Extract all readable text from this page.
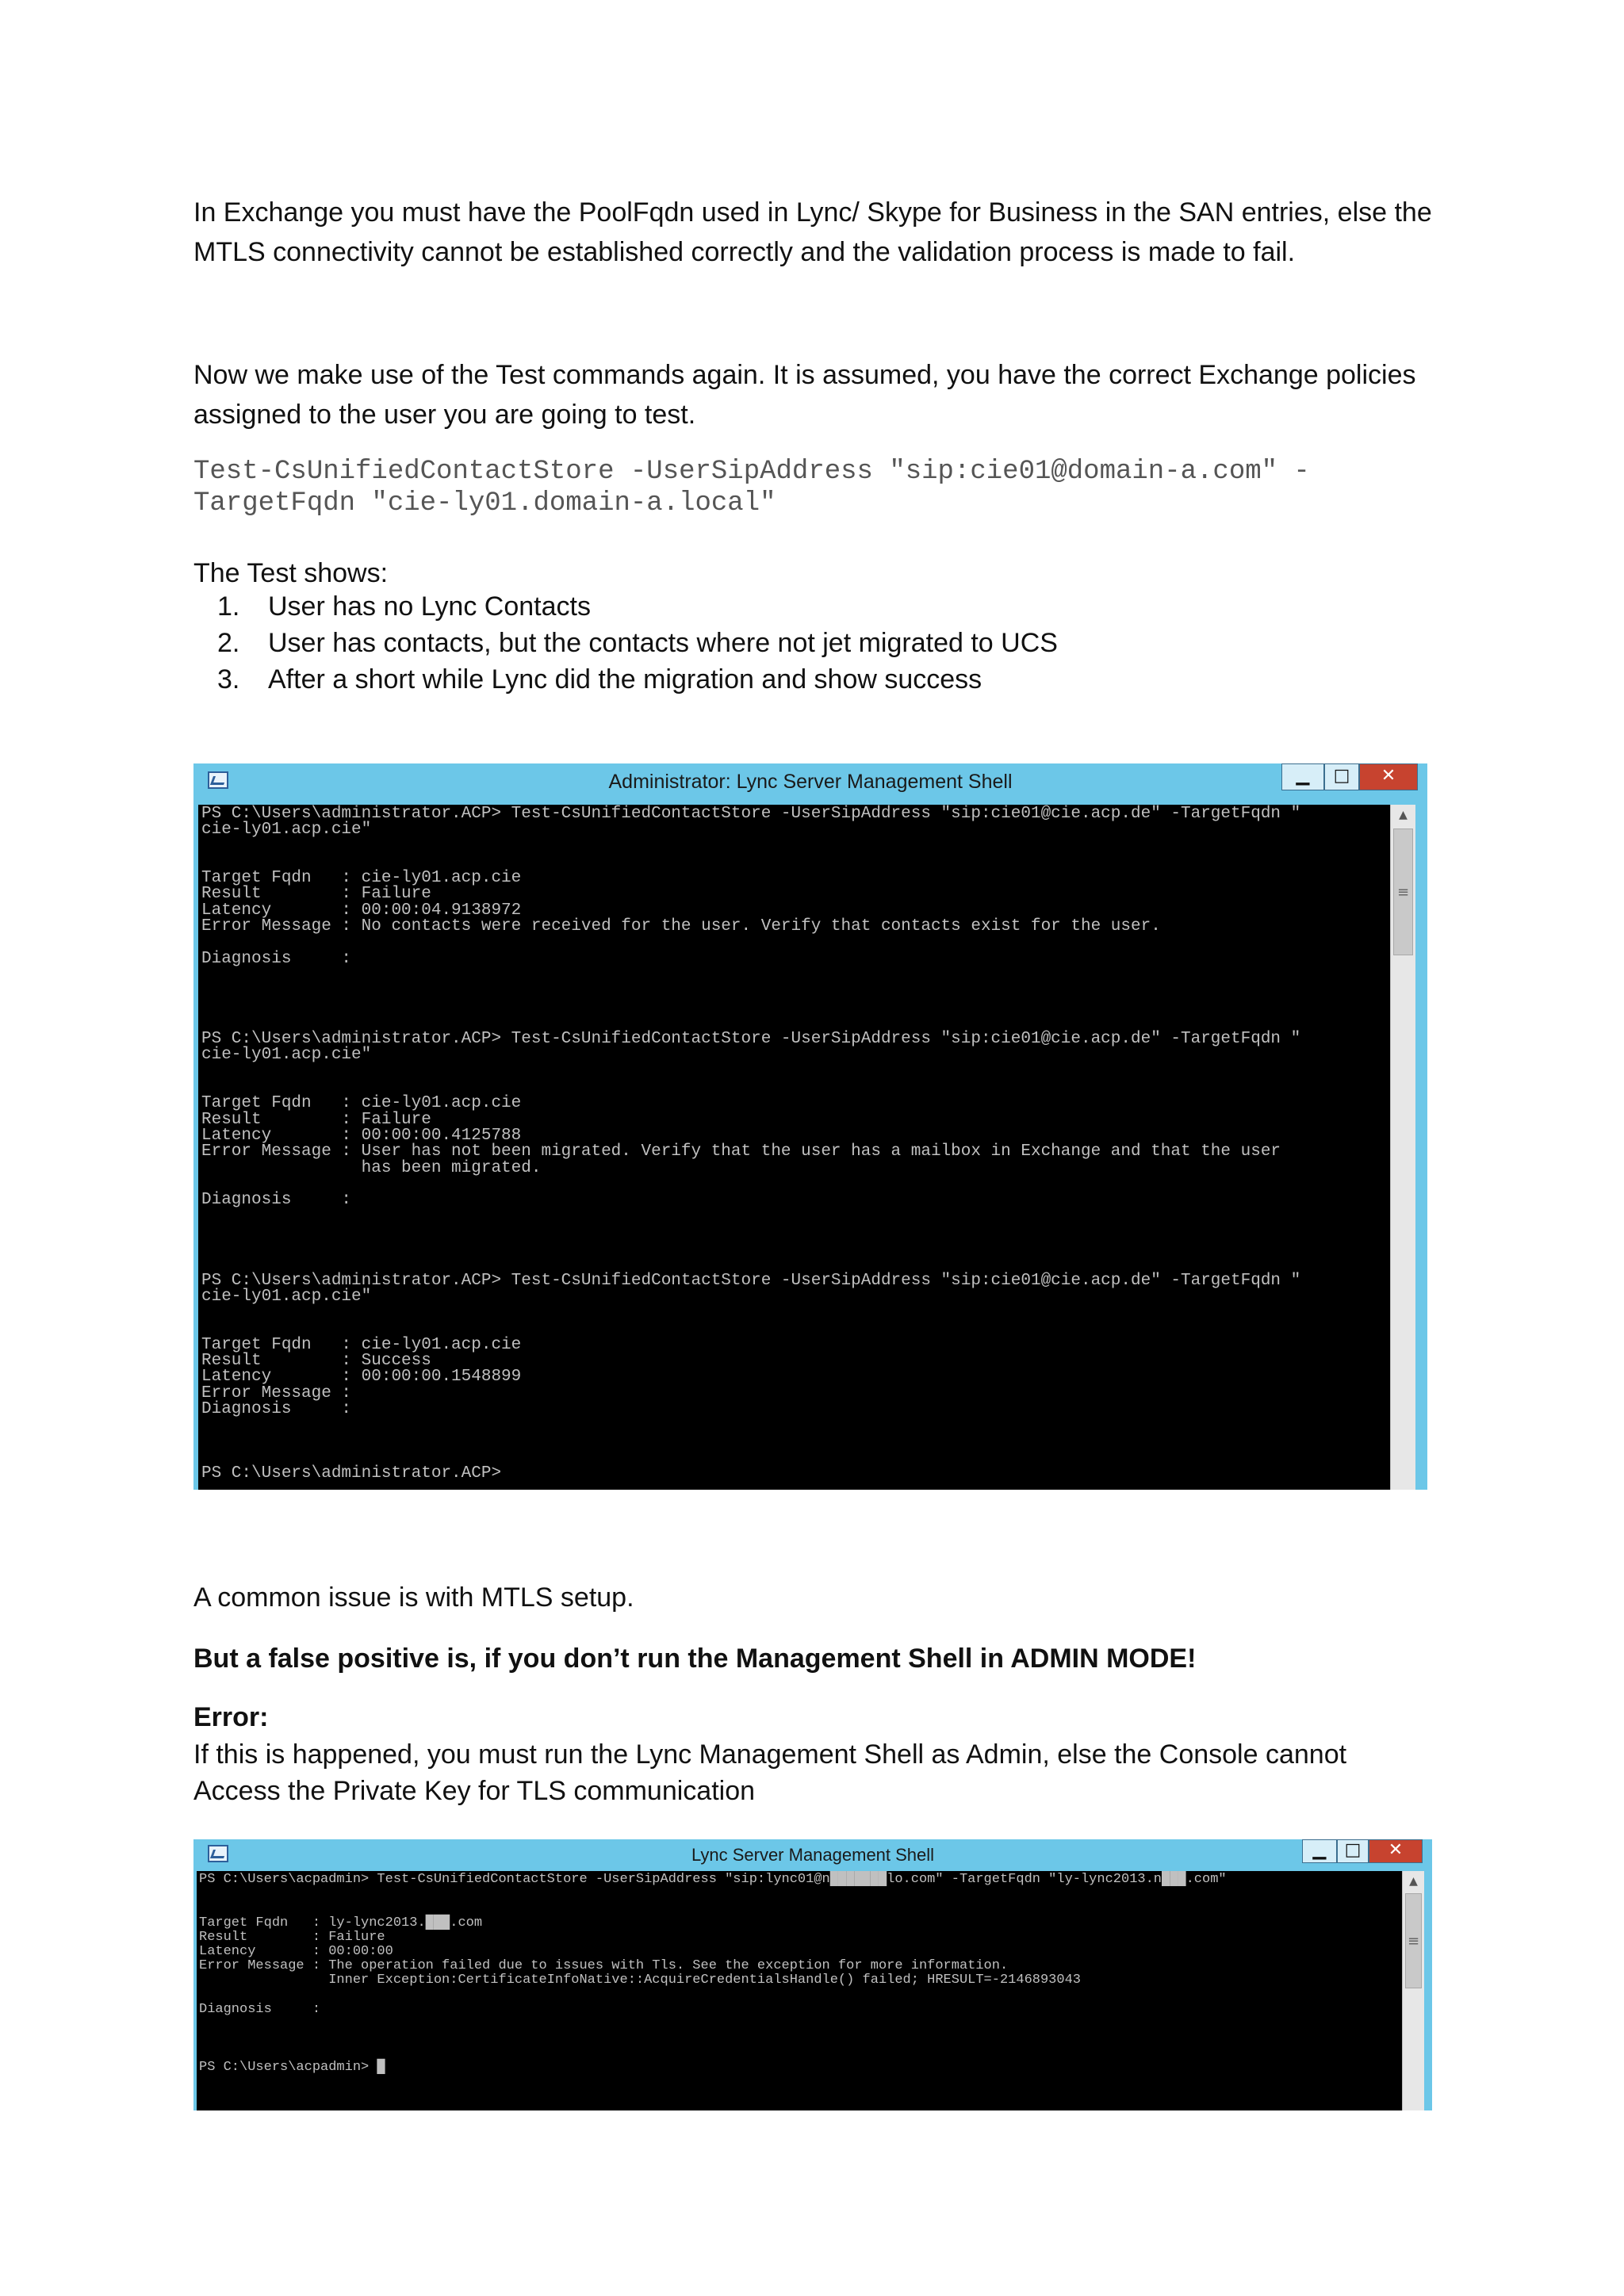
In Exchange you must have the PoolFqdn used in Lync/ Skype for Business in the SAN entries, else the MTLS connectivity cannot be established correctly and the validation process is made to fail.

Now we make use of the Test commands again. It is assumed, you have the correct Exchange policies assigned to the user you are going to test.

Test-CsUnifiedContactStore -UserSipAddress "sip:cie01@domain-a.com" -
TargetFqdn "cie-ly01.domain-a.local"

The Test shows:

1. User has no Lync Contacts
2. User has contacts, but the contacts where not jet migrated to UCS
3. After a short while Lync did the migration and show success
Administrator: Lync Server Management Shell	▁	□	✕
PS C:\Users\administrator.ACP> Test-CsUnifiedContactStore -UserSipAddress "sip:cie01@cie.acp.de" -TargetFqdn "
cie-ly01.acp.cie"

Target Fqdn   : cie-ly01.acp.cie
Result        : Failure
Latency       : 00:00:04.9138972
Error Message : No contacts were received for the user. Verify that contacts exist for the user.

Diagnosis     :

PS C:\Users\administrator.ACP> Test-CsUnifiedContactStore -UserSipAddress "sip:cie01@cie.acp.de" -TargetFqdn "
cie-ly01.acp.cie"

Target Fqdn   : cie-ly01.acp.cie
Result        : Failure
Latency       : 00:00:00.4125788
Error Message : User has not been migrated. Verify that the user has a mailbox in Exchange and that the user
has been migrated.

Diagnosis     :

PS C:\Users\administrator.ACP> Test-CsUnifiedContactStore -UserSipAddress "sip:cie01@cie.acp.de" -TargetFqdn "
cie-ly01.acp.cie"

Target Fqdn   : cie-ly01.acp.cie
Result        : Success
Latency       : 00:00:00.1548899
Error Message :
Diagnosis     :

PS C:\Users\administrator.ACP>
▲
≡

A common issue is with MTLS setup.

But a false positive is, if you don’t run the Management Shell in ADMIN MODE!

Error:

If this is happened, you must run the Lync Management Shell as Admin, else the Console cannot Access the Private Key for TLS communication

Lync Server Management Shell	▁	□	✕
PS C:\Users\acpadmin> Test-CsUnifiedContactStore -UserSipAddress "sip:lync01@n███████lo.com" -TargetFqdn "ly-lync2013.n███.com"

Target Fqdn   : ly-lync2013.███.com
Result        : Failure
Latency       : 00:00:00
Error Message : The operation failed due to issues with Tls. See the exception for more information.
Inner Exception:CertificateInfoNative::AcquireCredentialsHandle() failed; HRESULT=-2146893043

Diagnosis     :

PS C:\Users\acpadmin> █
▲
≡
